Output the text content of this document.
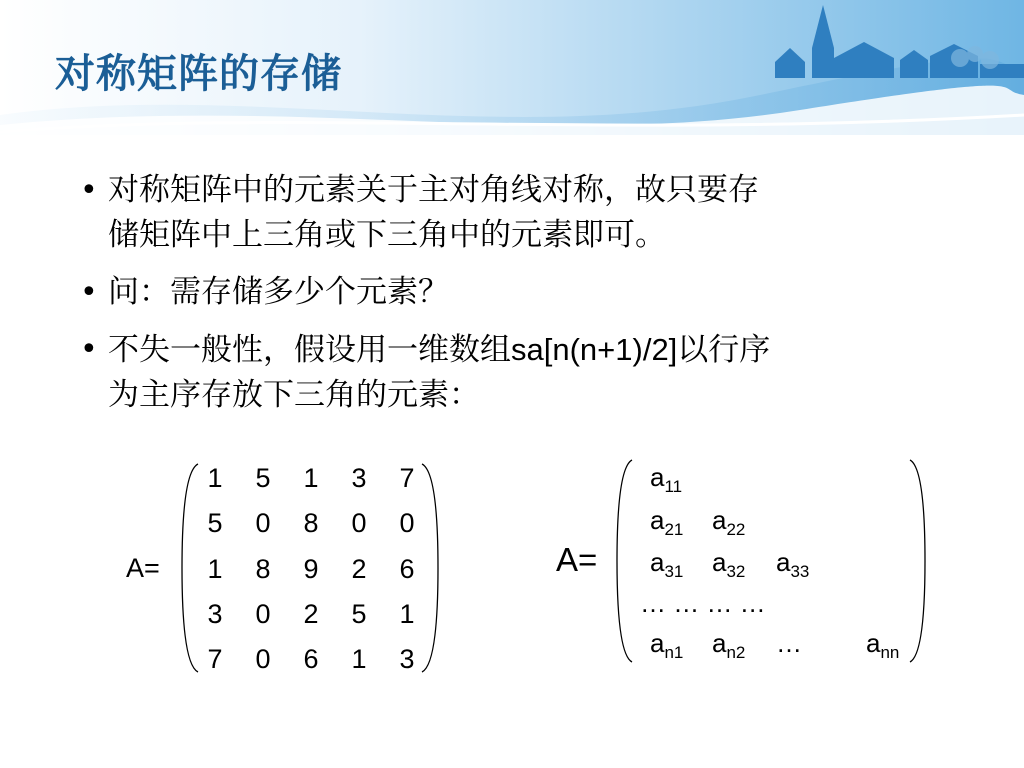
对称矩阵的存储
• 对称矩阵中的元素关于主对角线对称，故只要存
储矩阵中上三角或下三角中的元素即可。
• 问：需存储多少个元素？
• 不失一般性，假设用一维数组sa[n(n+1)/2]以行序
为主序存放下三角的元素：
A=
1	5	1	3	7
5	0	8	0	0
1	8	9	2	6
3	0	2	5	1
7	0	6	1	3
A=
$a_{11}$
$a_{21}$ $a_{22}$
$a_{31}$ $a_{32}$ $a_{33}$
… … … …
$a_{n1}$ $a_{n2}$ … $a_{nn}$
